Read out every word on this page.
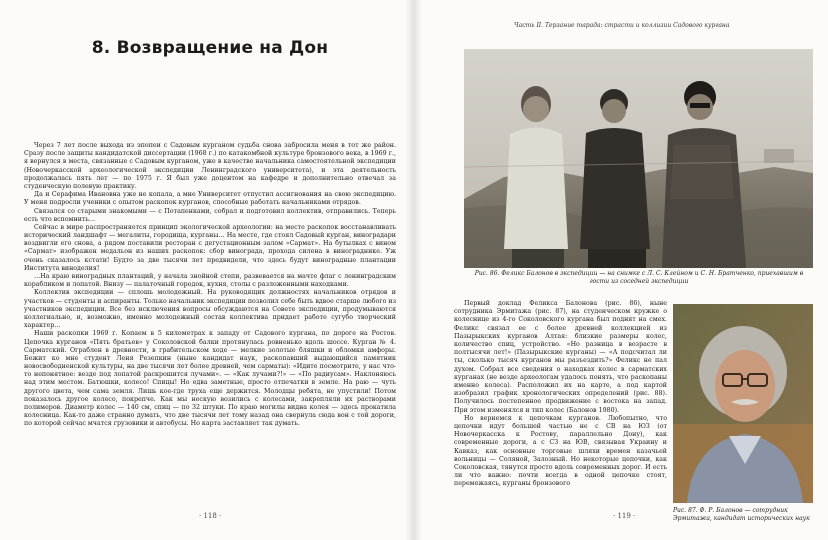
8. Возвращение на Дон

Через 7 лет после выхода из эпопеи с Садовым курганом судьба снова забросила меня в тот же район. Сразу после защиты кандидатской диссертации (1968 г.) по катакомбной культуре бронзового века, в 1969 г., я вернулся в места, связанные с Садовым курганом, уже в качестве начальника самостоятельной экспедиции (Новочеркасской археологической экспедиции Ленинградского университета), и эта деятельность продолжалась пять лет — по 1975 г. Я был уже доцентом на кафедре и дополнительно отвечал за студенческую полевую практику.

Да и Серафима Ивановна уже не копала, а мне Университет отпустил ассигнования на свою экспедицию. У меня подросли ученики с опытом раскопок курганов, способные работать начальниками отрядов.

Связался со старыми знакомыми — с Потапенками, собрал и подготовил коллектив, отправились. Теперь есть что вспомнить…

Сейчас в мире распространяется принцип экологической археологии: на месте раскопок восстанавливать исторический ландшафт — мегалиты, городища, курганы… На месте, где стоял Садовый курган, виноградари воздвигли его снова, а рядом поставили ресторан с дегустационным залом «Сармат». На бутылках с вином «Сармат» изображен медальон из наших раскопок: сбор винограда, прохода силена в винограднике. Уж очень сказалось кстати! Будто за две тысячи лет предвидели, что здесь будут виноградные плантации Института виноделия!

…На краю виноградных плантаций, у начала знойной степи, развевается на мачте флаг с ленинградским корабликом и лопатой. Внизу — палаточный городок, кухня, столы с разложенными находками.

Коллектив экспедиции — сплошь молодежный. На руководящих должностях начальников отрядов и участков — студенты и аспиранты. Только начальник экспедиции позволил себе быть вдвое старше любого из участников экспедиции. Все без исключения вопросы обсуждаются на Совете экспедиции, продумываются коллегиально, и, возможно, именно молодежный состав коллектива придает работе сугубо творческий характер…

Наши раскопки 1969 г. Копаем в 5 километрах к западу от Садового кургана, по дороге на Ростов. Цепочка курганов «Пять братьев» у Соколовской балки протянулась ровненько вдоль шоссе. Курган № 4. Сарматский. Ограблен в древности, в грабительском ходе — мелкие золотые бляшки и обломки амфоры. Бежит ко мне студент Леня Резепкин (ныне кандидат наук, раскопавший выдающийся памятник новосвободненской культуры, на две тысячи лет более древней, чем сарматы): «Идите посмотрите, у нас что-то непонятное: везде под лопатой раскрошится лучами». — «Как лучами?!» — «По радиусам». Наклоняюсь над этим местом. Батюшки, колесо! Спицы! Но едва заметные, просто отпечатки в земле. На раю — чуть другого цвета, чем сама земля. Лишь кое-где труха еще держится. Молодцы ребята, не упустили! Потом показалось другое колесо, покрепче. Как мы нескую возились с колесами, закрепляли их растворами полимеров. Диаметр колес — 140 см, спиц — по 32 штуки. По краю могилы видна колея — здесь прокатила колесница. Как-то даже странно думать, что две тысячи лет тому назад она свернула сюда вон с той дороги, по которой сейчас мчатся грузовики и автобусы. Но карта заставляет так думать.

· 118 ·
Часть II. Терзание тарада: страсти и коллизии Садового кургана
Рис. 86. Феликс Балонов в экспедиции — на снимке с Л. С. Клейном и С. Н. Братченко, приехавшим в гости из соседней экспедиции

Первый доклад Феликса Балонова (рис. 86), ныне сотрудника Эрмитажа (рис. 87), на студенческом кружке о колеснице из 4-го Соколовского кургана был поднят на смех. Феликс связал ее с более древней коллекцией из Пазырыкских курганов Алтая: близкие размеры колес, количество спиц, устройство. «Но разница в возрасте в полтысячи лет!» (Пазырыкские курганы) — «А подсчитал ли ты, сколько тысяч курганов мы разъездить?» Феликс не пал духом. Собрал все сведения о находках колес в сарматских курганах (не везде археологам удалось понять, что раскопаны именно колеса). Расположил их на карте, а под картой изобразил график хронологических определений (рис. 88). Получилось постепенное продвижение с востока на запад. При этом изменялся и тип колес (Балонов 1980).

Но вернемся к цепочкам курганов. Любопытно, что цепочки идут большей частью не с СВ на ЮЗ (от Новочеркасска к Ростову, параллельно Дону), как современные дороги, а с СЗ на ЮВ, связывая Украину и Кавказ, как основные торговые шляхи времен казачьей вольницы — Соляной, Залозный. Но некоторые цепочки, как Соколовская, тянутся просто вдоль современных дорог. И есть ли что важно: почти всегда в одной цепочке стоят, перемежаясь, курганы бронзового

Рис. 87. Ф. Р. Балонов — сотрудник Эрмитажа, кандидат исторических наук
· 119 ·
